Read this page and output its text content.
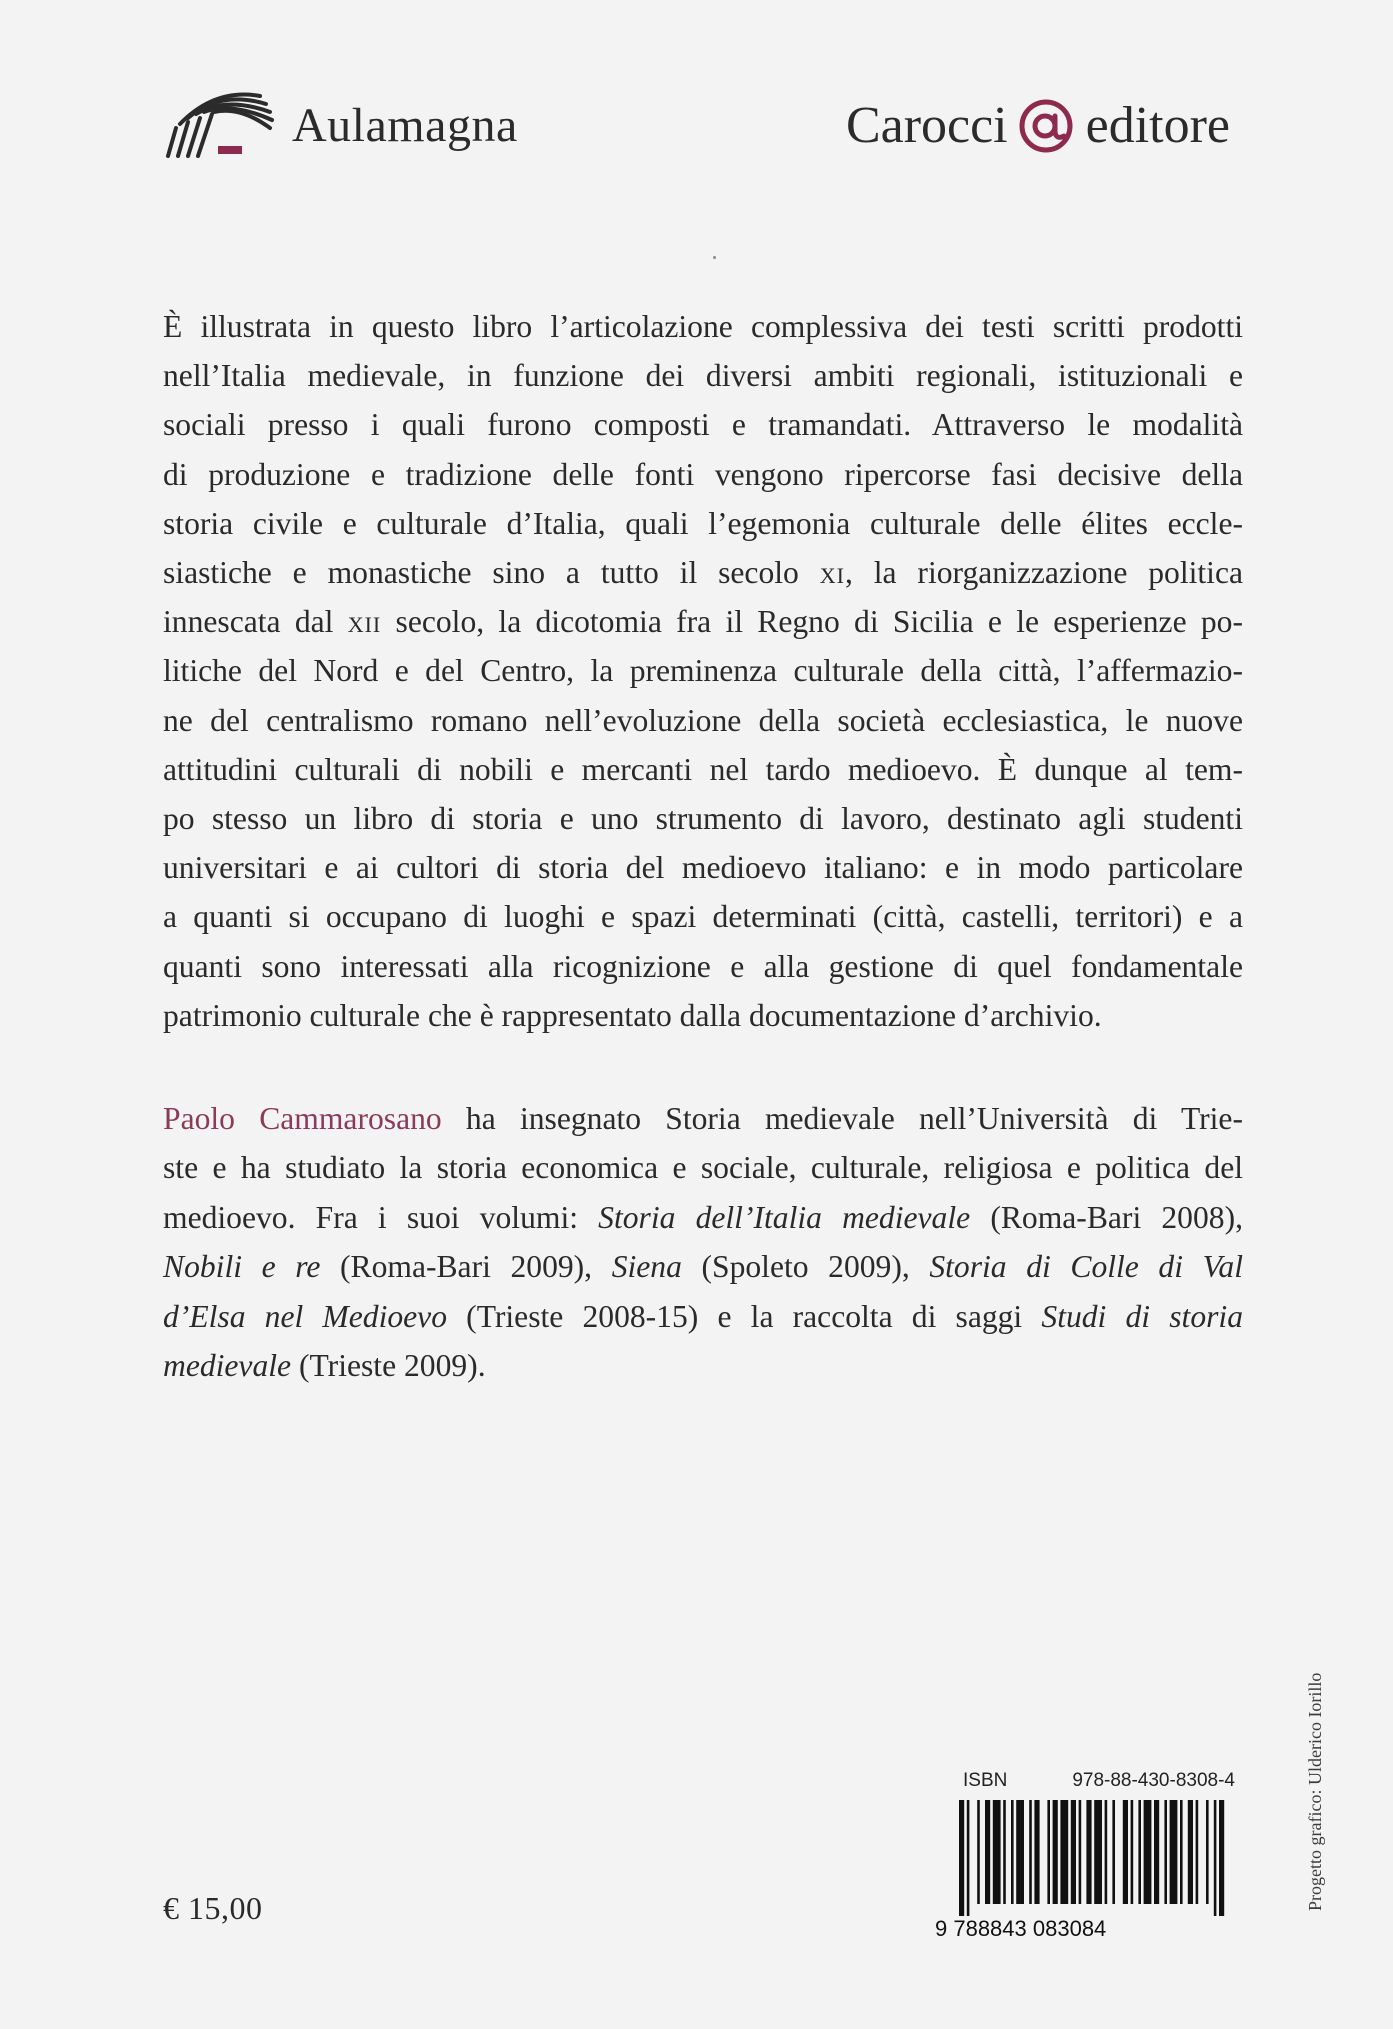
Aulamagna	Carocci editore

È illustrata in questo libro l’articolazione complessiva dei testi scritti prodotti
nell’Italia medievale, in funzione dei diversi ambiti regionali, istituzionali e
sociali presso i quali furono composti e tramandati. Attraverso le modalità
di produzione e tradizione delle fonti vengono ripercorse fasi decisive della
storia civile e culturale d’Italia, quali l’egemonia culturale delle élites eccle-
siastiche e monastiche sino a tutto il secolo xi, la riorganizzazione politica
innescata dal xii secolo, la dicotomia fra il Regno di Sicilia e le esperienze po-
litiche del Nord e del Centro, la preminenza culturale della città, l’affermazio-
ne del centralismo romano nell’evoluzione della società ecclesiastica, le nuove
attitudini culturali di nobili e mercanti nel tardo medioevo. È dunque al tem-
po stesso un libro di storia e uno strumento di lavoro, destinato agli studenti
universitari e ai cultori di storia del medioevo italiano: e in modo particolare
a quanti si occupano di luoghi e spazi determinati (città, castelli, territori) e a
quanti sono interessati alla ricognizione e alla gestione di quel fondamentale
patrimonio culturale che è rappresentato dalla documentazione d’archivio.

Paolo Cammarosano ha insegnato Storia medievale nell’Università di Trie-
ste e ha studiato la storia economica e sociale, culturale, religiosa e politica del
medioevo. Fra i suoi volumi: Storia dell’Italia medievale (Roma-Bari 2008),
Nobili e re (Roma-Bari 2009), Siena (Spoleto 2009), Storia di Colle di Val
d’Elsa nel Medioevo (Trieste 2008-15) e la raccolta di saggi Studi di storia
medievale (Trieste 2009).

€ 15,00
ISBN	978-88-430-8308-4
9 788843 083084
Progetto grafico: Ulderico Iorillo
